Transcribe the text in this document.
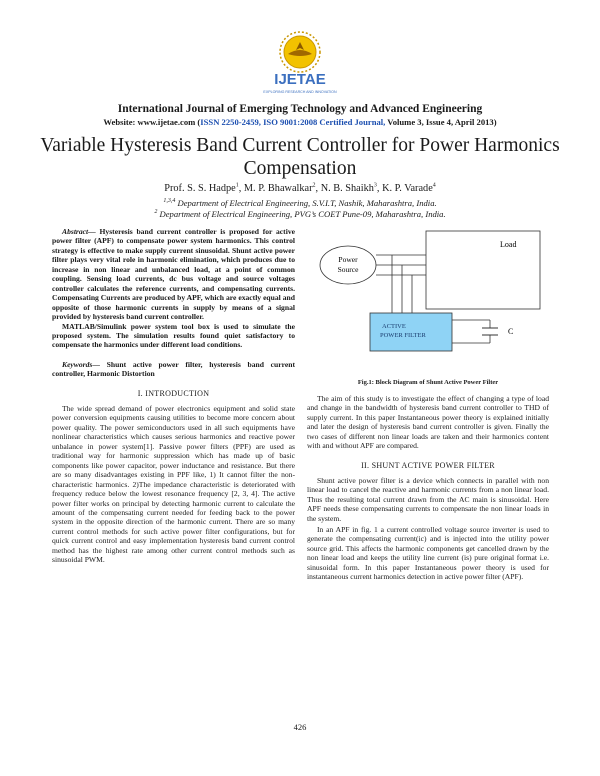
IJETAE
EXPLORING RESEARCH AND INNOVATION
International Journal of Emerging Technology and Advanced Engineering
Website: www.ijetae.com (ISSN 2250-2459, ISO 9001:2008 Certified Journal, Volume 3, Issue 4, April 2013)
Variable Hysteresis Band Current Controller for Power Harmonics Compensation
Prof. S. S. Hadpe$^1$, M. P. Bhawalkar$^2$, N. B. Shaikh$^3$, K. P. Varade$^4$
$^{1,3,4}$ Department of Electrical Engineering, S.V.I.T, Nashik, Maharashtra, India.
$^2$ Department of Electrical Engineering, PVG’s COET Pune-09, Maharashtra, India.

Abstract— Hysteresis band current controller is proposed for active power filter (APF) to compensate power system harmonics. This control strategy is effective to make supply current sinusoidal. Shunt active power filter plays very vital role in harmonic elimination, which produces due to increase in non linear and unbalanced load, at a point of common coupling. Sensing load currents, dc bus voltage and source voltages controller calculates the reference currents, and compensating currents. Compensating Currents are produced by APF, which are exactly equal and opposite of those harmonic currents in supply by means of a signal provided by hysteresis band current controller.

MATLAB/Simulink power system tool box is used to simulate the proposed system. The simulation results found quiet satisfactory to compensate the harmonics under different load conditions.

Keywords— Shunt active power filter, hysteresis band current controller, Harmonic Distortion
I. INTRODUCTION

The wide spread demand of power electronics equipment and solid state power conversion equipments causing utilities to become more concern about power quality. The power semiconductors used in all such equipments have nonlinear characteristics which causes serious harmonics and reactive power unbalance in power system[1]. Passive power filters (PPF) are used as traditional way for harmonic suppression which has made up of basic components like power capacitor, power inductance and resistance. But there are so many disadvantages existing in PPF like, 1) It cannot filter the non-characteristic harmonics. 2)The impedance characteristic is deteriorated with frequency reduce below the lowest resonance frequency [2, 3, 4]. The active power filter works on principal by detecting harmonic current to calculate the amount of the compensating current needed for feeding back to the power system in the opposite direction of the harmonic current. There are so many current control methods for such active power filter configurations, but for quick current control and easy implementation hysteresis band current control method has the highest rate among other current control methods such as sinusoidal PWM.

Load
Power
Source
ACTIVE
POWER FILTER	C
Fig.1: Block Diagram of Shunt Active Power Filter

The aim of this study is to investigate the effect of changing a type of load and change in the bandwidth of hysteresis band current controller to THD of supply current. In this paper Instantaneous power theory is explained initially and later the design of hysteresis band current controller is given. Finally the two cases of different non linear loads are taken and their harmonics content with and without APF are compared.

II. SHUNT ACTIVE POWER FILTER

Shunt active power filter is a device which connects in parallel with non linear load to cancel the reactive and harmonic currents from a non linear load. Thus the resulting total current drawn from the AC main is sinusoidal. Here APF needs these compensating currents to compensate the non linear loads in the system.

In an APF in fig. 1 a current controlled voltage source inverter is used to generate the compensating current(ic) and is injected into the utility power source grid. This affects the harmonic components get cancelled drawn by the non linear load and keeps the utility line current (is) pure original format i.e. sinusoidal form. In this paper Instantaneous power theory is used for instantaneous current harmonics detection in active power filter (APF).

426
